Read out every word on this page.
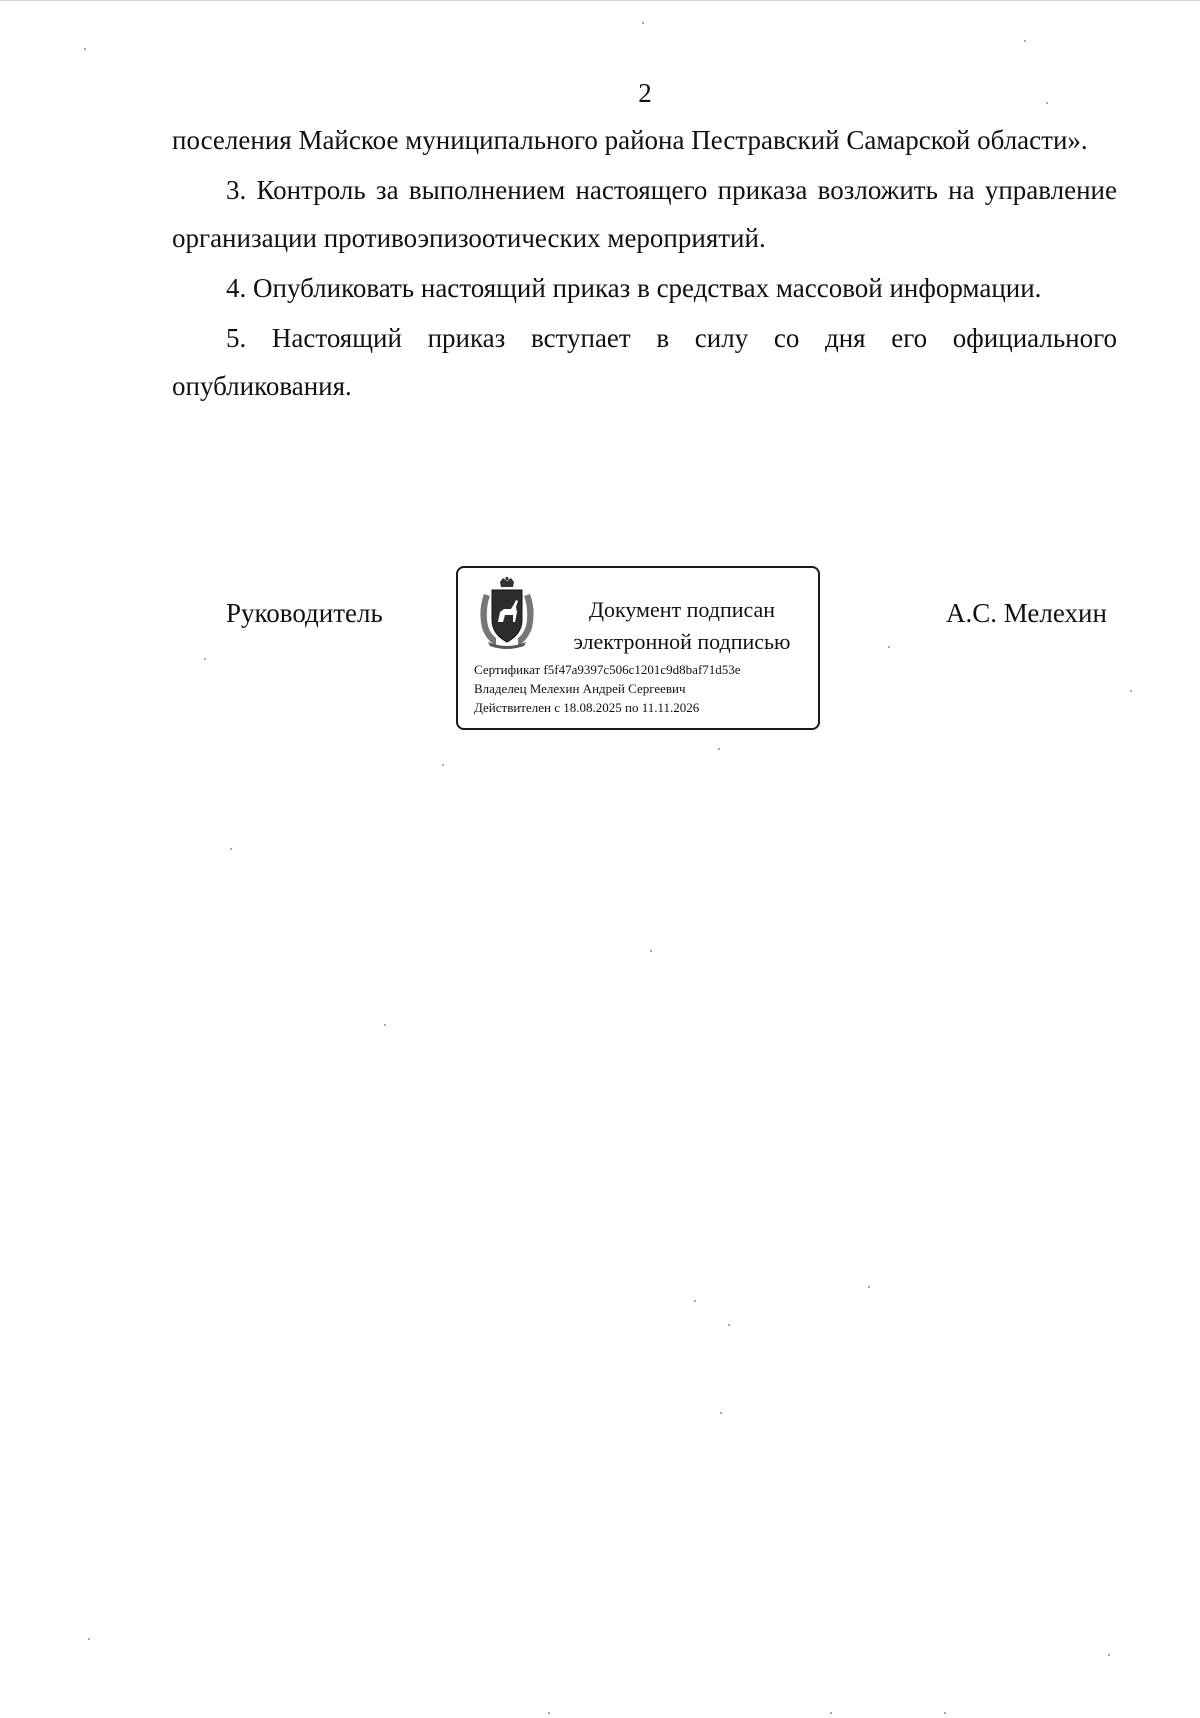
2

поселения Майское муниципального района Пестравский Самарской области».

3. Контроль за выполнением настоящего приказа возложить на управление организации противоэпизоотических мероприятий.

4. Опубликовать настоящий приказ в средствах массовой информации.

5. Настоящий приказ вступает в силу со дня его официального опубликования.

Руководитель	Документ подписан
электронной подписью
Сертификат f5f47a9397c506c1201c9d8baf71d53e
Владелец Мелехин Андрей Сергеевич
Действителен с 18.08.2025 по 11.11.2026
А.С. Мелехин
